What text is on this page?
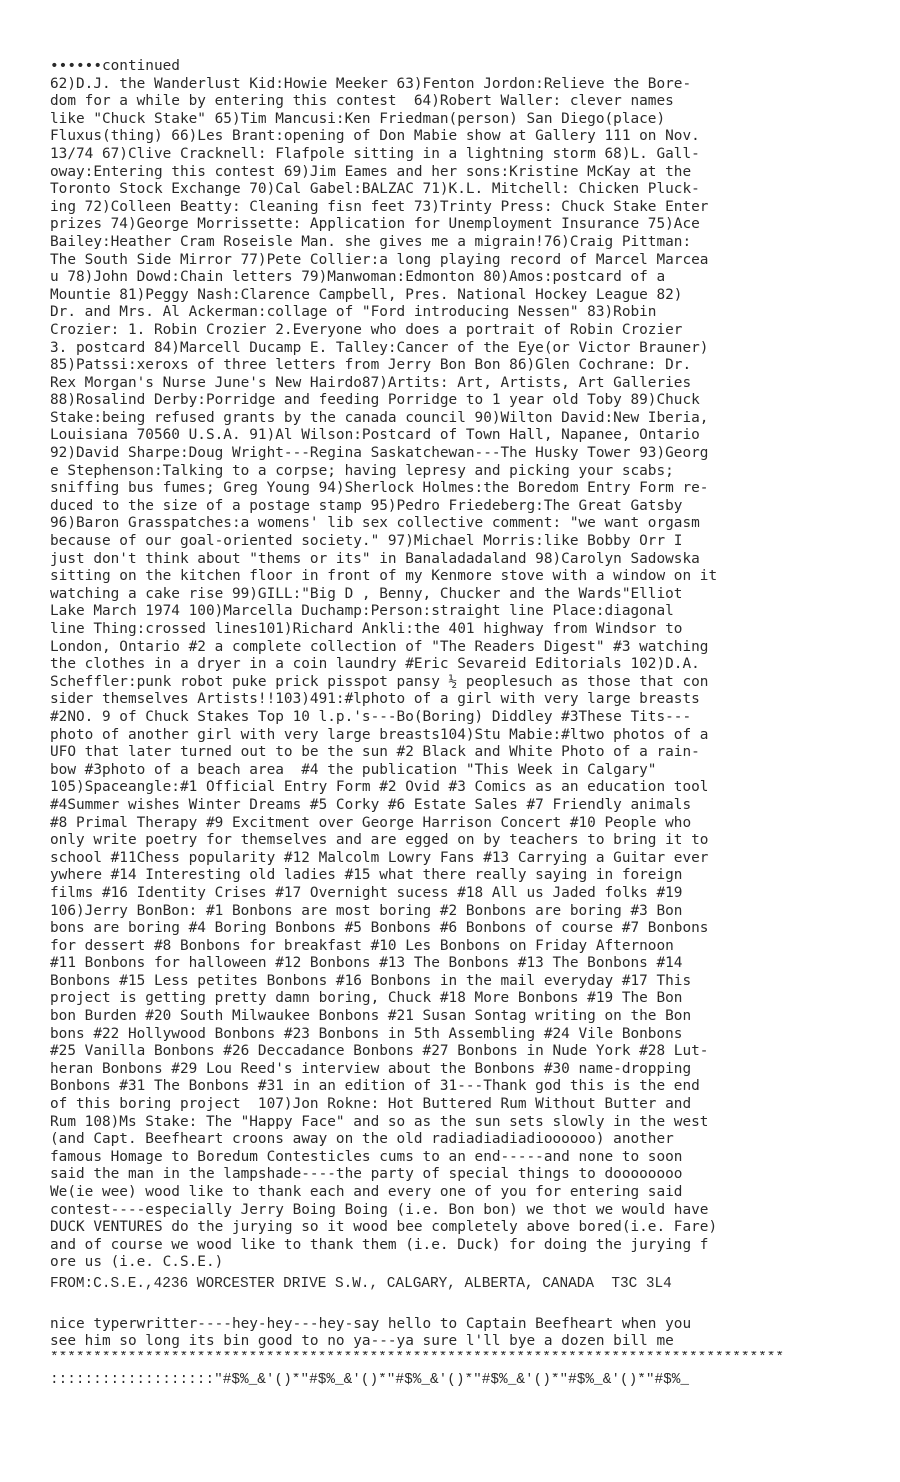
••••••continued
62)D.J. the Wanderlust Kid:Howie Meeker 63)Fenton Jordon:Relieve the Bore-
dom for a while by entering this contest  64)Robert Waller: clever names
like "Chuck Stake" 65)Tim Mancusi:Ken Friedman(person) San Diego(place)
Fluxus(thing) 66)Les Brant:opening of Don Mabie show at Gallery 111 on Nov.
13/74 67)Clive Cracknell: Flafpole sitting in a lightning storm 68)L. Gall-
oway:Entering this contest 69)Jim Eames and her sons:Kristine McKay at the
Toronto Stock Exchange 70)Cal Gabel:BALZAC 71)K.L. Mitchell: Chicken Pluck-
ing 72)Colleen Beatty: Cleaning fisn feet 73)Trinty Press: Chuck Stake Enter
prizes 74)George Morrissette: Application for Unemployment Insurance 75)Ace
Bailey:Heather Cram Roseisle Man. she gives me a migrain!76)Craig Pittman:
The South Side Mirror 77)Pete Collier:a long playing record of Marcel Marcea
u 78)John Dowd:Chain letters 79)Manwoman:Edmonton 80)Amos:postcard of a
Mountie 81)Peggy Nash:Clarence Campbell, Pres. National Hockey League 82)
Dr. and Mrs. Al Ackerman:collage of "Ford introducing Nessen" 83)Robin
Crozier: 1. Robin Crozier 2.Everyone who does a portrait of Robin Crozier
3. postcard 84)Marcell Ducamp E. Talley:Cancer of the Eye(or Victor Brauner)
85)Patssi:xeroxs of three letters from Jerry Bon Bon 86)Glen Cochrane: Dr.
Rex Morgan's Nurse June's New Hairdo87)Artits: Art, Artists, Art Galleries
88)Rosalind Derby:Porridge and feeding Porridge to 1 year old Toby 89)Chuck
Stake:being refused grants by the canada council 90)Wilton David:New Iberia,
Louisiana 70560 U.S.A. 91)Al Wilson:Postcard of Town Hall, Napanee, Ontario
92)David Sharpe:Doug Wright---Regina Saskatchewan---The Husky Tower 93)Georg
e Stephenson:Talking to a corpse; having lepresy and picking your scabs;
sniffing bus fumes; Greg Young 94)Sherlock Holmes:the Boredom Entry Form re-
duced to the size of a postage stamp 95)Pedro Friedeberg:The Great Gatsby
96)Baron Grasspatches:a womens' lib sex collective comment: "we want orgasm
because of our goal-oriented society." 97)Michael Morris:like Bobby Orr I
just don't think about "thems or its" in Banaladadaland 98)Carolyn Sadowska
sitting on the kitchen floor in front of my Kenmore stove with a window on it
watching a cake rise 99)GILL:"Big D , Benny, Chucker and the Wards"Elliot
Lake March 1974 100)Marcella Duchamp:Person:straight line Place:diagonal
line Thing:crossed lines101)Richard Ankli:the 401 highway from Windsor to
London, Ontario #2 a complete collection of "The Readers Digest" #3 watching
the clothes in a dryer in a coin laundry #Eric Sevareid Editorials 102)D.A.
Scheffler:punk robot puke prick pisspot pansy ½ peoplesuch as those that con
sider themselves Artists!!103)491:#lphoto of a girl with very large breasts
#2NO. 9 of Chuck Stakes Top 10 l.p.'s---Bo(Boring) Diddley #3These Tits---
photo of another girl with very large breasts104)Stu Mabie:#ltwo photos of a
UFO that later turned out to be the sun #2 Black and White Photo of a rain-
bow #3photo of a beach area  #4 the publication "This Week in Calgary"
105)Spaceangle:#1 Official Entry Form #2 Ovid #3 Comics as an education tool
#4Summer wishes Winter Dreams #5 Corky #6 Estate Sales #7 Friendly animals
#8 Primal Therapy #9 Excitment over George Harrison Concert #10 People who
only write poetry for themselves and are egged on by teachers to bring it to
school #11Chess popularity #12 Malcolm Lowry Fans #13 Carrying a Guitar ever
ywhere #14 Interesting old ladies #15 what there really saying in foreign
films #16 Identity Crises #17 Overnight sucess #18 All us Jaded folks #19
106)Jerry BonBon: #1 Bonbons are most boring #2 Bonbons are boring #3 Bon
bons are boring #4 Boring Bonbons #5 Bonbons #6 Bonbons of course #7 Bonbons
for dessert #8 Bonbons for breakfast #10 Les Bonbons on Friday Afternoon
#11 Bonbons for halloween #12 Bonbons #13 The Bonbons #13 The Bonbons #14
Bonbons #15 Less petites Bonbons #16 Bonbons in the mail everyday #17 This
project is getting pretty damn boring, Chuck #18 More Bonbons #19 The Bon
bon Burden #20 South Milwaukee Bonbons #21 Susan Sontag writing on the Bon
bons #22 Hollywood Bonbons #23 Bonbons in 5th Assembling #24 Vile Bonbons
#25 Vanilla Bonbons #26 Deccadance Bonbons #27 Bonbons in Nude York #28 Lut-
heran Bonbons #29 Lou Reed's interview about the Bonbons #30 name-dropping
Bonbons #31 The Bonbons #31 in an edition of 31---Thank god this is the end
of this boring project  107)Jon Rokne: Hot Buttered Rum Without Butter and
Rum 108)Ms Stake: The "Happy Face" and so as the sun sets slowly in the west
(and Capt. Beefheart croons away on the old radiadiadiadioooooo) another
famous Homage to Boredum Contesticles cums to an end-----and none to soon
said the man in the lampshade----the party of special things to doooooooo
We(ie wee) wood like to thank each and every one of you for entering said
contest----especially Jerry Boing Boing (i.e. Bon bon) we thot we would have
DUCK VENTURES do the jurying so it wood bee completely above bored(i.e. Fare)
and of course we wood like to thank them (i.e. Duck) for doing the jurying f
ore us (i.e. C.S.E.)
FROM:C.S.E.,4236 WORCESTER DRIVE S.W., CALGARY, ALBERTA, CANADA  T3C 3L4
nice typerwritter----hey-hey---hey-say hello to Captain Beefheart when you
see him so long its bin good to no ya---ya sure l'll bye a dozen bill me
*************************************************************************************
:::::::::::::::::::"#$%_&'()*"#$%_&'()*"#$%_&'()*"#$%_&'()*"#$%_&'()*"#$%_
